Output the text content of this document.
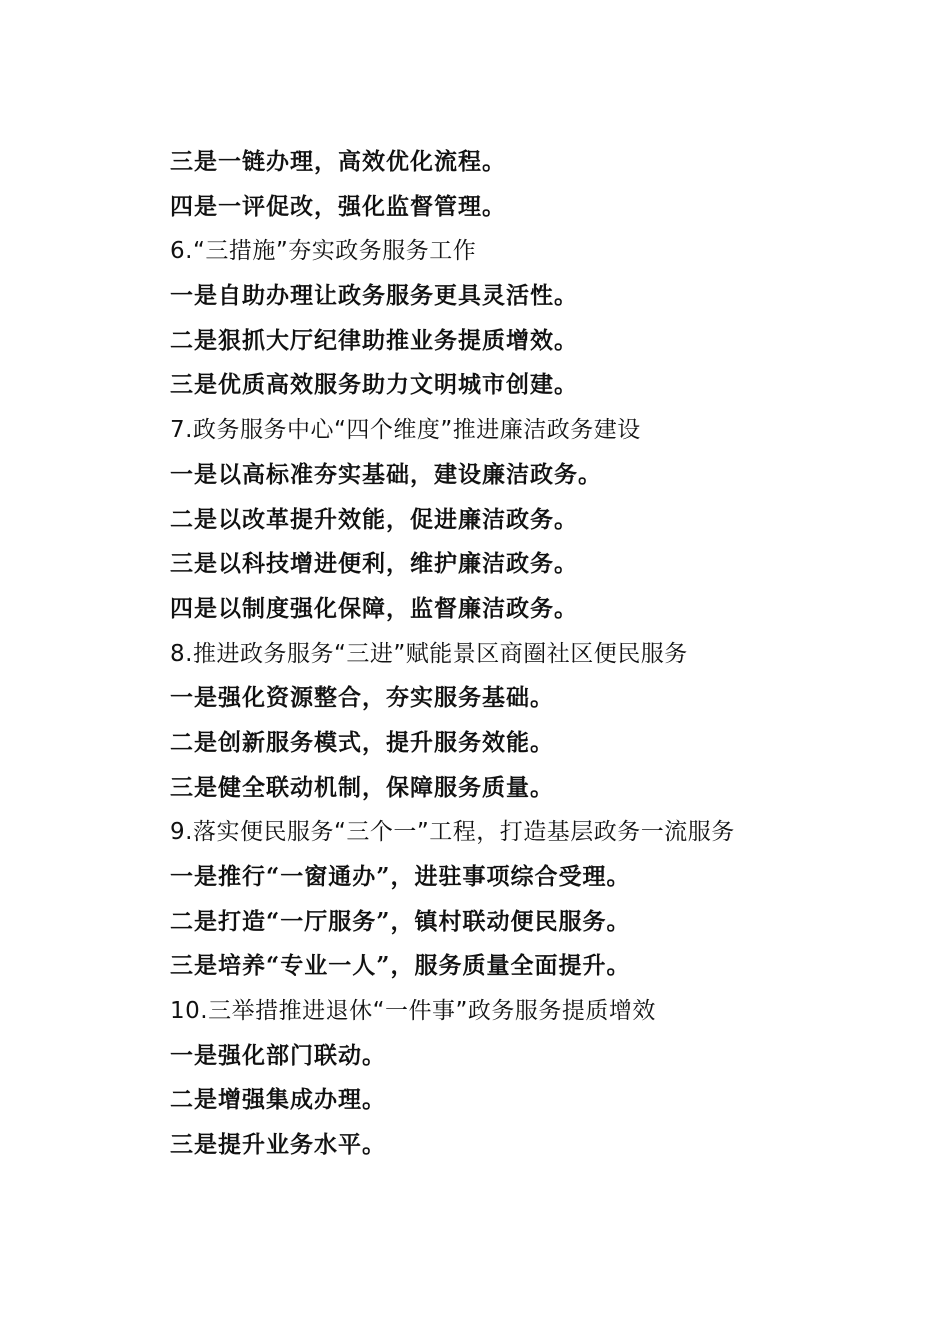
三是一链办理，高效优化流程。
四是一评促改，强化监督管理。
6.“三措施”夯实政务服务工作
一是自助办理让政务服务更具灵活性。
二是狠抓大厅纪律助推业务提质增效。
三是优质高效服务助力文明城市创建。
7.政务服务中心“四个维度”推进廉洁政务建设
一是以高标准夯实基础，建设廉洁政务。
二是以改革提升效能，促进廉洁政务。
三是以科技增进便利，维护廉洁政务。
四是以制度强化保障，监督廉洁政务。
8.推进政务服务“三进”赋能景区商圈社区便民服务
一是强化资源整合，夯实服务基础。
二是创新服务模式，提升服务效能。
三是健全联动机制，保障服务质量。
9.落实便民服务“三个一”工程，打造基层政务一流服务
一是推行“一窗通办”，进驻事项综合受理。
二是打造“一厅服务”，镇村联动便民服务。
三是培养“专业一人”，服务质量全面提升。
10.三举措推进退休“一件事”政务服务提质增效
一是强化部门联动。
二是增强集成办理。
三是提升业务水平。
